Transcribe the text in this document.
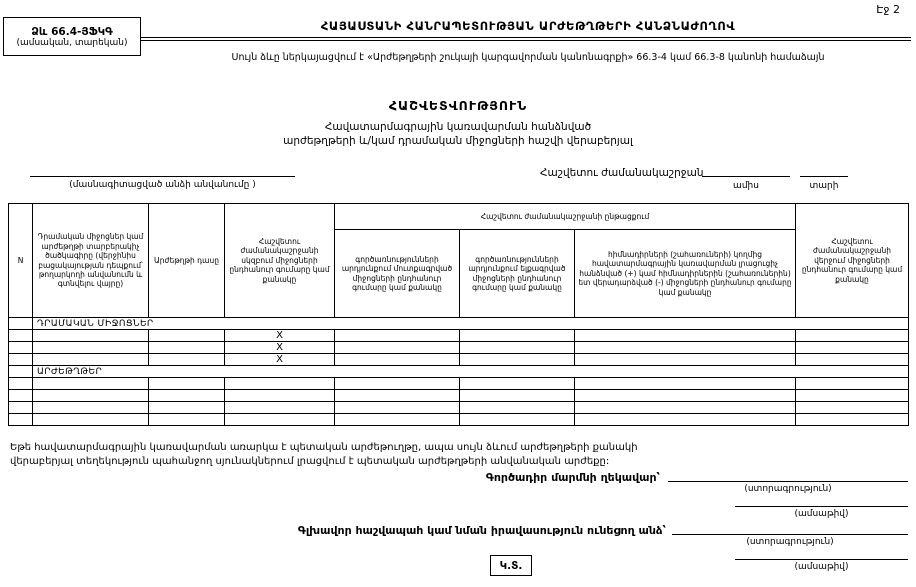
Էջ 2
Ձև 66.4-ՅՖԿԳ
(ամսական, տարեկան)
ՀԱՅԱՍՏԱՆԻ ՀԱՆՐԱՊԵՏՈՒԹՅԱՆ ԱՐԺԵԹՂԹԵՐԻ ՀԱՆՁՆԱԺՈՂՈՎ
Սույն ձևը ներկայացվում է «Արժեթղթերի շուկայի կարգավորման կանոնագրքի» 66.3-4 կամ 66.3-8 կանոնի համաձայն
ՀԱՇՎԵՏՎՈՒԹՅՈՒՆ
Հավատարմագրային կառավարման հանձնված
արժեթղթերի և/կամ դրամական միջոցների հաշվի վերաբերյալ
(մասնագիտացված անձի անվանումը )
Հաշվետու ժամանակաշրջան
ամիս	տարի
N	Դրամական միջոցներ կամ արժեթղթի տարբերակիչ ծածկագիրը (վերջինիս բացակայության դեպքում՝ թողարկողի անվանումն և գտնվելու վայրը)	Արժեթղթի դասը	Հաշվետու ժամանակաշրջանի սկզբում միջոցների ընդհանուր գումարը կամ քանակը	Հաշվետու ժամանակաշրջանի ընթացքում			Հաշվետու ժամանակաշրջանի վերջում միջոցների ընդհանուր գումարը կամ քանակը
				գործառնությունների արդյունքում մուտքագրված միջոցների ընդհանուր գումարը կամ քանակը	գործառնությունների արդյունքում ելքագրված միջոցների ընդհանուր գումարը կամ քանակը	հիմնադիրների (շահառուների) կողմից հավատարմագրային կառավարման լրացուցիչ հանձնված (+) կամ հիմնադիրներին (շահառուներին) ետ վերադարձված (-) միջոցների ընդհանուր գումարը կամ քանակը	
	ԴՐԱՄԱԿԱՆ ՄԻՋՈՑՆԵՐ						
			X				
			X				
			X				
	ԱՐԺԵԹՂԹԵՐ						

Եթե հավատարմագրային կառավարման առարկա է պետական արժեթուղթը, ապա սույն ձևում արժեթղթերի քանակի վերաբերյալ տեղեկություն պահանջող սյունակներում լրացվում է պետական արժեթղթերի անվանական արժեքը:
Գործադիր մարմնի ղեկավար՝
(ստորագրություն)
(ամսաթիվ)
Գլխավոր հաշվապահ կամ նման իրավասություն ունեցող անձ՝
(ստորագրություն)
(ամսաթիվ)
Կ.Տ.
